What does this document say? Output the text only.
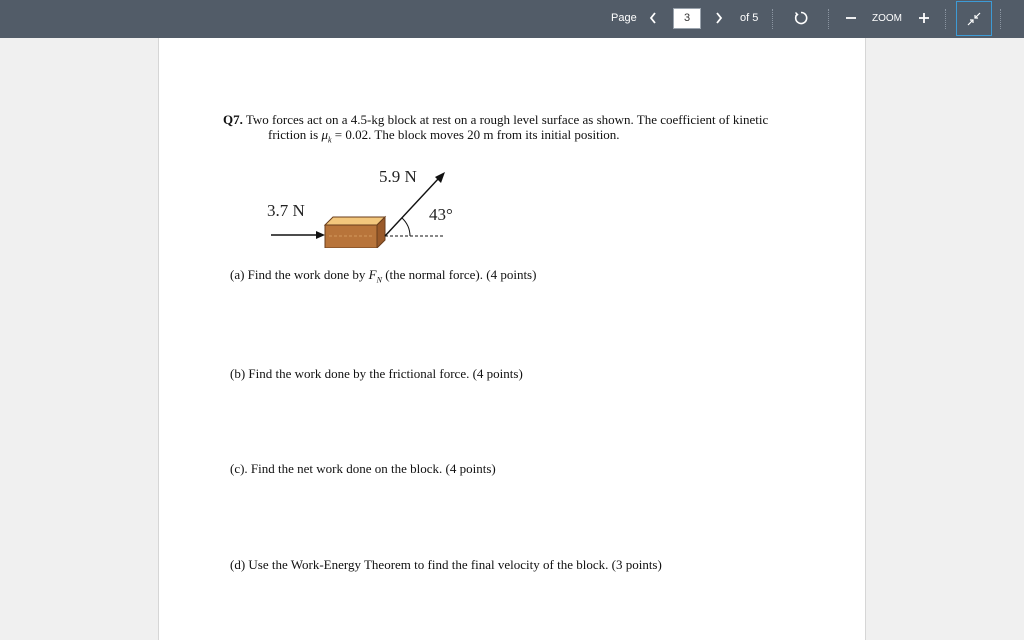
Page	3	of 5	ZOOM
Q7. Two forces act on a 4.5-kg block at rest on a rough level surface as shown. The coefficient of kinetic
friction is $\mu_k = 0.02$. The block moves 20 m from its initial position.
5.9 N
3.7 N	43°
(a) Find the work done by $F_N$ (the normal force). (4 points)
(b) Find the work done by the frictional force. (4 points)
(c). Find the net work done on the block. (4 points)
(d) Use the Work-Energy Theorem to find the final velocity of the block. (3 points)
